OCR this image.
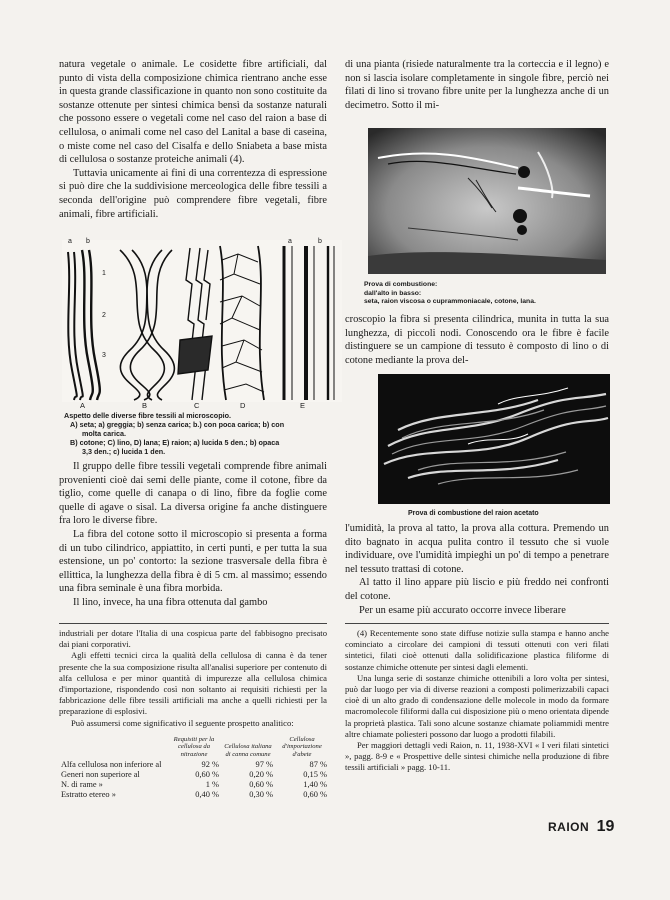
natura vegetale o animale. Le cosidette fibre artificiali, dal punto di vista della composizione chimica rientrano anche esse in questa grande classificazione in quanto non sono costituite da sostanze ottenute per sintesi chimica bensì da sostanze naturali che possono essere o vegetali come nel caso del raion a base di cellulosa, o animali come nel caso del Lanital a base di caseina, o miste come nel caso del Cisalfa e dello Sniabeta a base mista di cellulosa o sostanze proteiche animali (4).

Tuttavia unicamente ai fini di una correntezza di espressione si può dire che la suddivisione merceologica delle fibre tessili a seconda dell'origine può comprendere fibre vegetali, fibre animali, fibre artificiali.

a b
1
2
3
a	b
A	B	C	D	E
Aspetto delle diverse fibre tessili al microscopio.
A) seta; a) greggia; b) senza carica; b.) con poca carica; b) con
molta carica.
B) cotone; C) lino, D) lana; E) raion; a) lucida 5 den.; b) opaca
3,3 den.; c) lucida 1 den.

Il gruppo delle fibre tessili vegetali comprende fibre animali provenienti cioè dai semi delle piante, come il cotone, fibre da tiglio, come quelle di canapa o di lino, fibre da foglie come quelle di agave o sisal. La diversa origine fa anche distinguere fra loro le diverse fibre.

La fibra del cotone sotto il microscopio si presenta a forma di un tubo cilindrico, appiattito, in certi punti, e per tutta la sua estensione, un po' contorto: la sezione trasversale della fibra è ellittica, la lunghezza della fibra è di 5 cm. al massimo; essendo una fibra seminale è una fibra morbida.

Il lino, invece, ha una fibra ottenuta dal gambo

industriali per dotare l'Italia di una cospicua parte del fabbisogno precisato dai piani corporativi.

Agli effetti tecnici circa la qualità della cellulosa di canna è da tener presente che la sua composizione risulta all'analisi superiore per contenuto di alfa cellulosa e per minor quantità di impurezze alla cellulosa chimica d'importazione, rispondendo così non soltanto ai requisiti richiesti per la fabbricazione delle fibre tessili artificiali ma anche a quelli richiesti per la preparazione di esplosivi.

Può assumersi come significativo il seguente prospetto analitico:

	Requisiti per la cellulosa da nitrazione	Cellulosa italiana di canna comune	Cellulosa d'importazione d'abete
Alfa cellulosa non inferiore al	92 %	97 %	87 %
Generi non superiore al	0,60 %	0,20 %	0,15 %
N. di rame »	1 %	0,60 %	1,40 %
Estratto etereo »	0,40 %	0,30 %	0,60 %

di una pianta (risiede naturalmente tra la corteccia e il legno) e non si lascia isolare completamente in singole fibre, perciò nei filati di lino si trovano fibre unite per la lunghezza anche di un decimetro. Sotto il mi-

Prova di combustione:
dall'alto in basso:
seta, raion viscosa o cuprammoniacale, cotone, lana.

croscopio la fibra si presenta cilindrica, munita in tutta la sua lunghezza, di piccoli nodi. Conoscendo ora le fibre è facile distinguere se un campione di tessuto è composto di lino o di cotone mediante la prova del-

Prova di combustione del raion acetato

l'umidità, la prova al tatto, la prova alla cottura. Premendo un dito bagnato in acqua pulita contro il tessuto che si vuole individuare, ove l'umidità impieghi un po' di tempo a penetrare nel tessuto trattasi di cotone.

Al tatto il lino appare più liscio e più freddo nei confronti del cotone.

Per un esame più accurato occorre invece liberare

(4) Recentemente sono state diffuse notizie sulla stampa e hanno anche cominciato a circolare dei campioni di tessuti ottenuti con veri filati sintetici, filati cioè ottenuti dalla solidificazione plastica filiforme di sostanze chimiche ottenute per sintesi dagli elementi.

Una lunga serie di sostanze chimiche ottenibili a loro volta per sintesi, può dar luogo per via di diverse reazioni a composti polimerizzabili capaci cioè di un alto grado di condensazione delle molecole in modo da formare macromolecole filiformi dalla cui disposizione più o meno orientata dipende la proprietà plastica. Tali sono alcune sostanze chiamate poliammidi mentre altre chiamate poliesteri possono dar luogo a prodotti filabili.

Per maggiori dettagli vedi Raion, n. 11, 1938-XVI « I veri filati sintetici », pagg. 8-9 e « Prospettive delle sintesi chimiche nella produzione di fibre tessili artificiali » pagg. 10-11.

RAION 19
